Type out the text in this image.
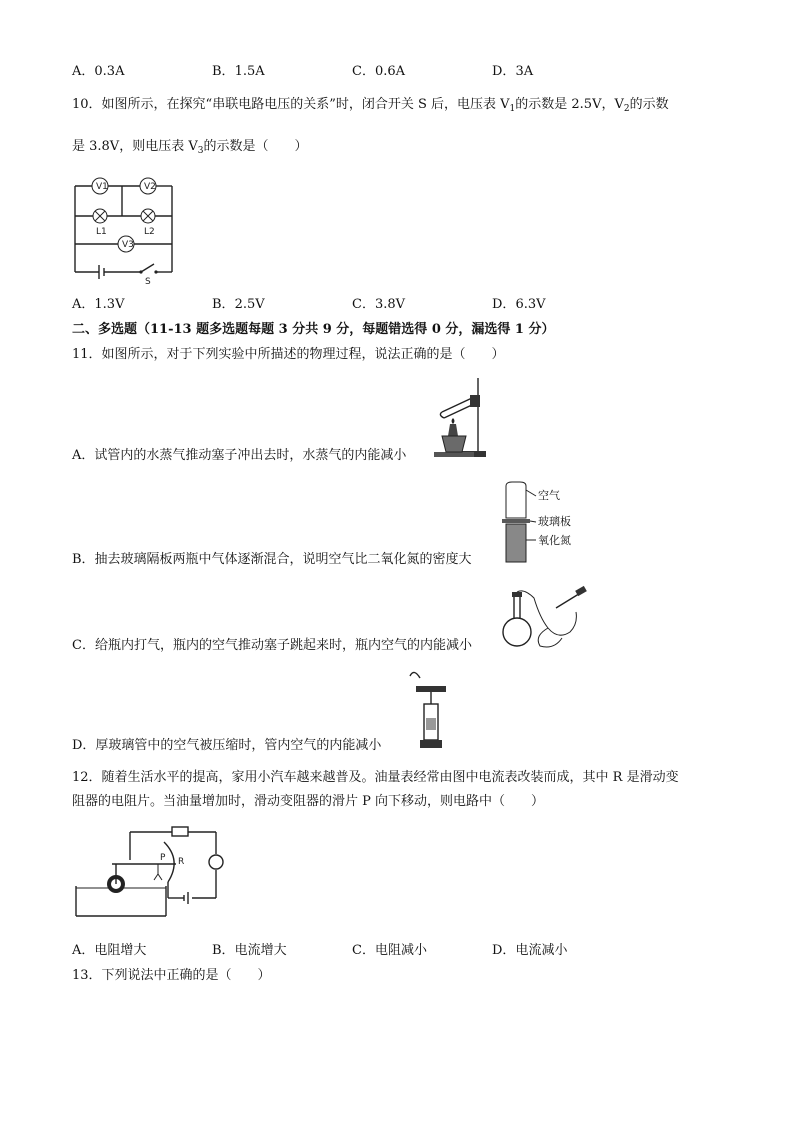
A．0.3A	B．1.5A	C．0.6A	D．3A
10．如图所示，在探究“串联电路电压的关系”时，闭合开关 S 后，电压表 $V_1$的示数是 2.5V，$V_2$的示数
是 3.8V，则电压表 $V_3$的示数是（　　）
V1	V2
L1	L2
V3
S
A．1.3V	B．2.5V	C．3.8V	D．6.3V
二、多选题（11-13 题多选题每题 3 分共 9 分，每题错选得 0 分，漏选得 1 分）
11．如图所示，对于下列实验中所描述的物理过程，说法正确的是（　　）
A．试管内的水蒸气推动塞子冲出去时，水蒸气的内能减小
空气
玻璃板
氧化氮
B．抽去玻璃隔板两瓶中气体逐渐混合，说明空气比二氧化氮的密度大
C．给瓶内打气，瓶内的空气推动塞子跳起来时，瓶内空气的内能减小
D．厚玻璃管中的空气被压缩时，管内空气的内能减小
12．随着生活水平的提高，家用小汽车越来越普及。油量表经常由图中电流表改装而成，其中 R 是滑动变
阻器的电阻片。当油量增加时，滑动变阻器的滑片 P 向下移动，则电路中（　　）
R
P
A．电阻增大	B．电流增大	C．电阻减小	D．电流减小
13．下列说法中正确的是（　　）
